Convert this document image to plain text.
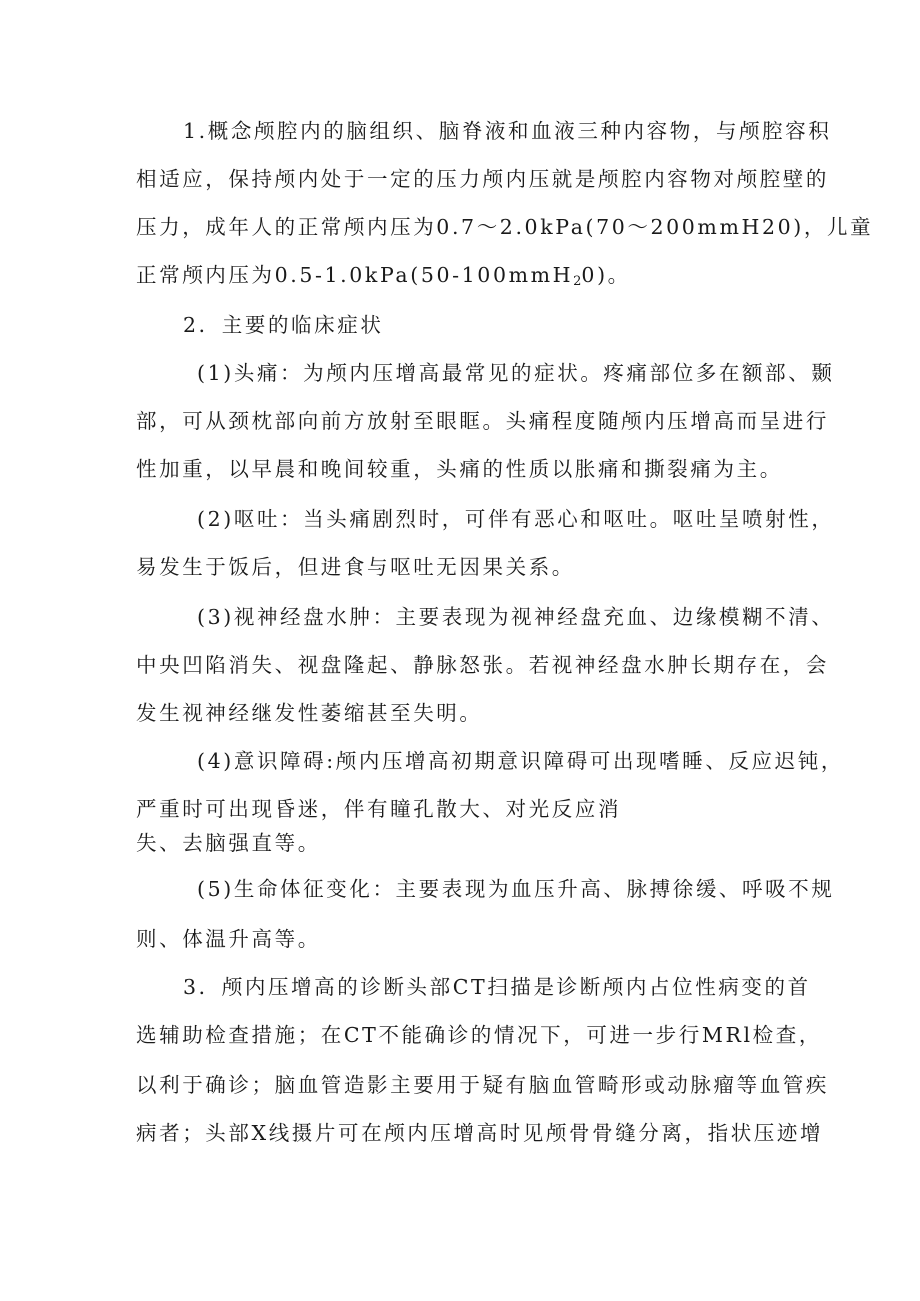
1.概念颅腔内的脑组织、脑脊液和血液三种内容物，与颅腔容积
相适应，保持颅内处于一定的压力颅内压就是颅腔内容物对颅腔壁的
压力，成年人的正常颅内压为0.7～2.0kPa(70～200mmH20)，儿童
正常颅内压为0.5-1.0kPa(50-100mmH$_2$0)。
2．主要的临床症状
(1)头痛：为颅内压增高最常见的症状。疼痛部位多在额部、颞
部，可从颈枕部向前方放射至眼眶。头痛程度随颅内压增高而呈进行
性加重，以早晨和晚间较重，头痛的性质以胀痛和撕裂痛为主。
(2)呕吐：当头痛剧烈时，可伴有恶心和呕吐。呕吐呈喷射性，
易发生于饭后，但进食与呕吐无因果关系。
(3)视神经盘水肿：主要表现为视神经盘充血、边缘模糊不清、
中央凹陷消失、视盘隆起、静脉怒张。若视神经盘水肿长期存在，会
发生视神经继发性萎缩甚至失明。
(4)意识障碍:颅内压增高初期意识障碍可出现嗜睡、反应迟钝，
严重时可出现昏迷，伴有瞳孔散大、对光反应消
失、去脑强直等。
(5)生命体征变化：主要表现为血压升高、脉搏徐缓、呼吸不规
则、体温升高等。
3．颅内压增高的诊断头部CT扫描是诊断颅内占位性病变的首
选辅助检查措施；在CT不能确诊的情况下，可进一步行MRl检查，
以利于确诊；脑血管造影主要用于疑有脑血管畸形或动脉瘤等血管疾
病者；头部X线摄片可在颅内压增高时见颅骨骨缝分离，指状压迹增
